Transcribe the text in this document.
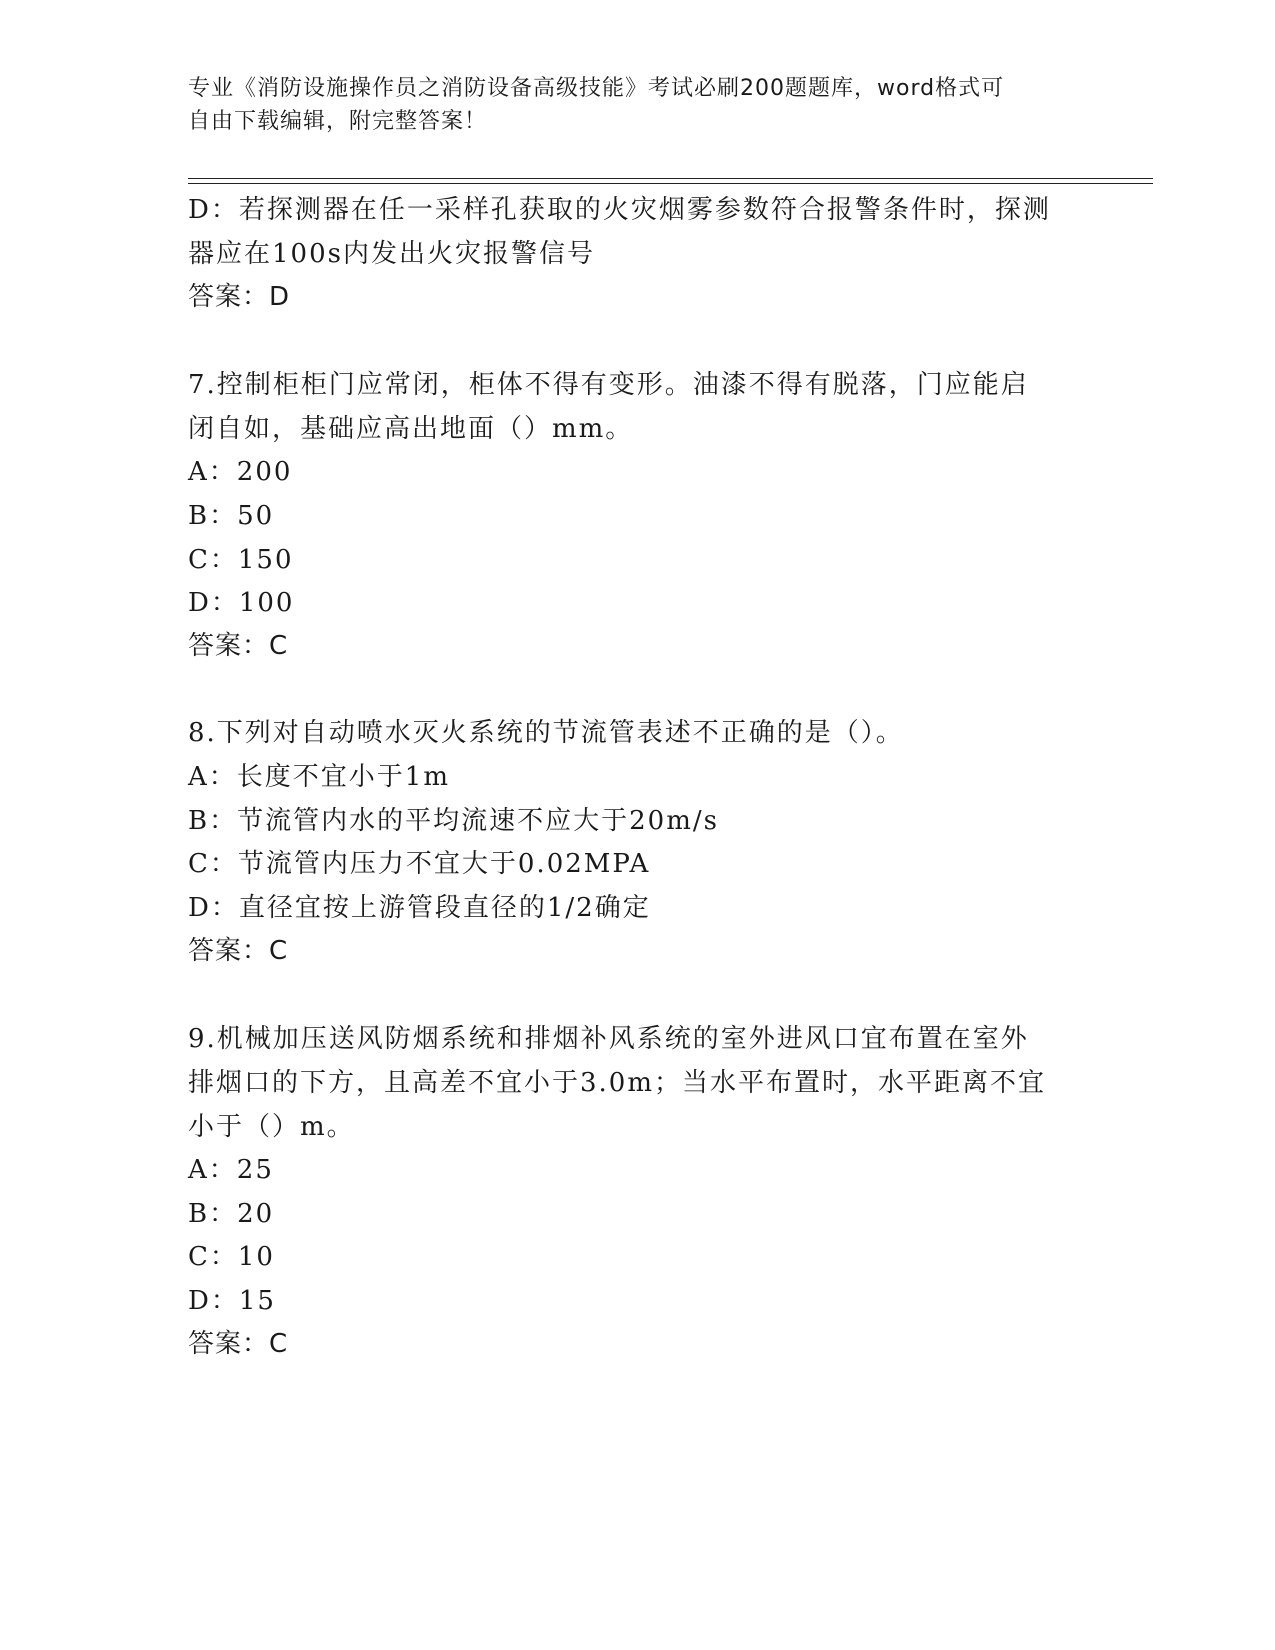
专业《消防设施操作员之消防设备高级技能》考试必刷200题题库，word格式可
自由下载编辑，附完整答案！
D：若探测器在任一采样孔获取的火灾烟雾参数符合报警条件时，探测
器应在100s内发出火灾报警信号
答案：D
7.控制柜柜门应常闭，柜体不得有变形。油漆不得有脱落，门应能启
闭自如，基础应高出地面（）mm。
A：200
B：50
C：150
D：100
答案：C
8.下列对自动喷水灭火系统的节流管表述不正确的是（）。
A：长度不宜小于1m
B：节流管内水的平均流速不应大于20m/s
C：节流管内压力不宜大于0.02MPA
D：直径宜按上游管段直径的1/2确定
答案：C
9.机械加压送风防烟系统和排烟补风系统的室外进风口宜布置在室外
排烟口的下方，且高差不宜小于3.0m；当水平布置时，水平距离不宜
小于（）m。
A：25
B：20
C：10
D：15
答案：C
